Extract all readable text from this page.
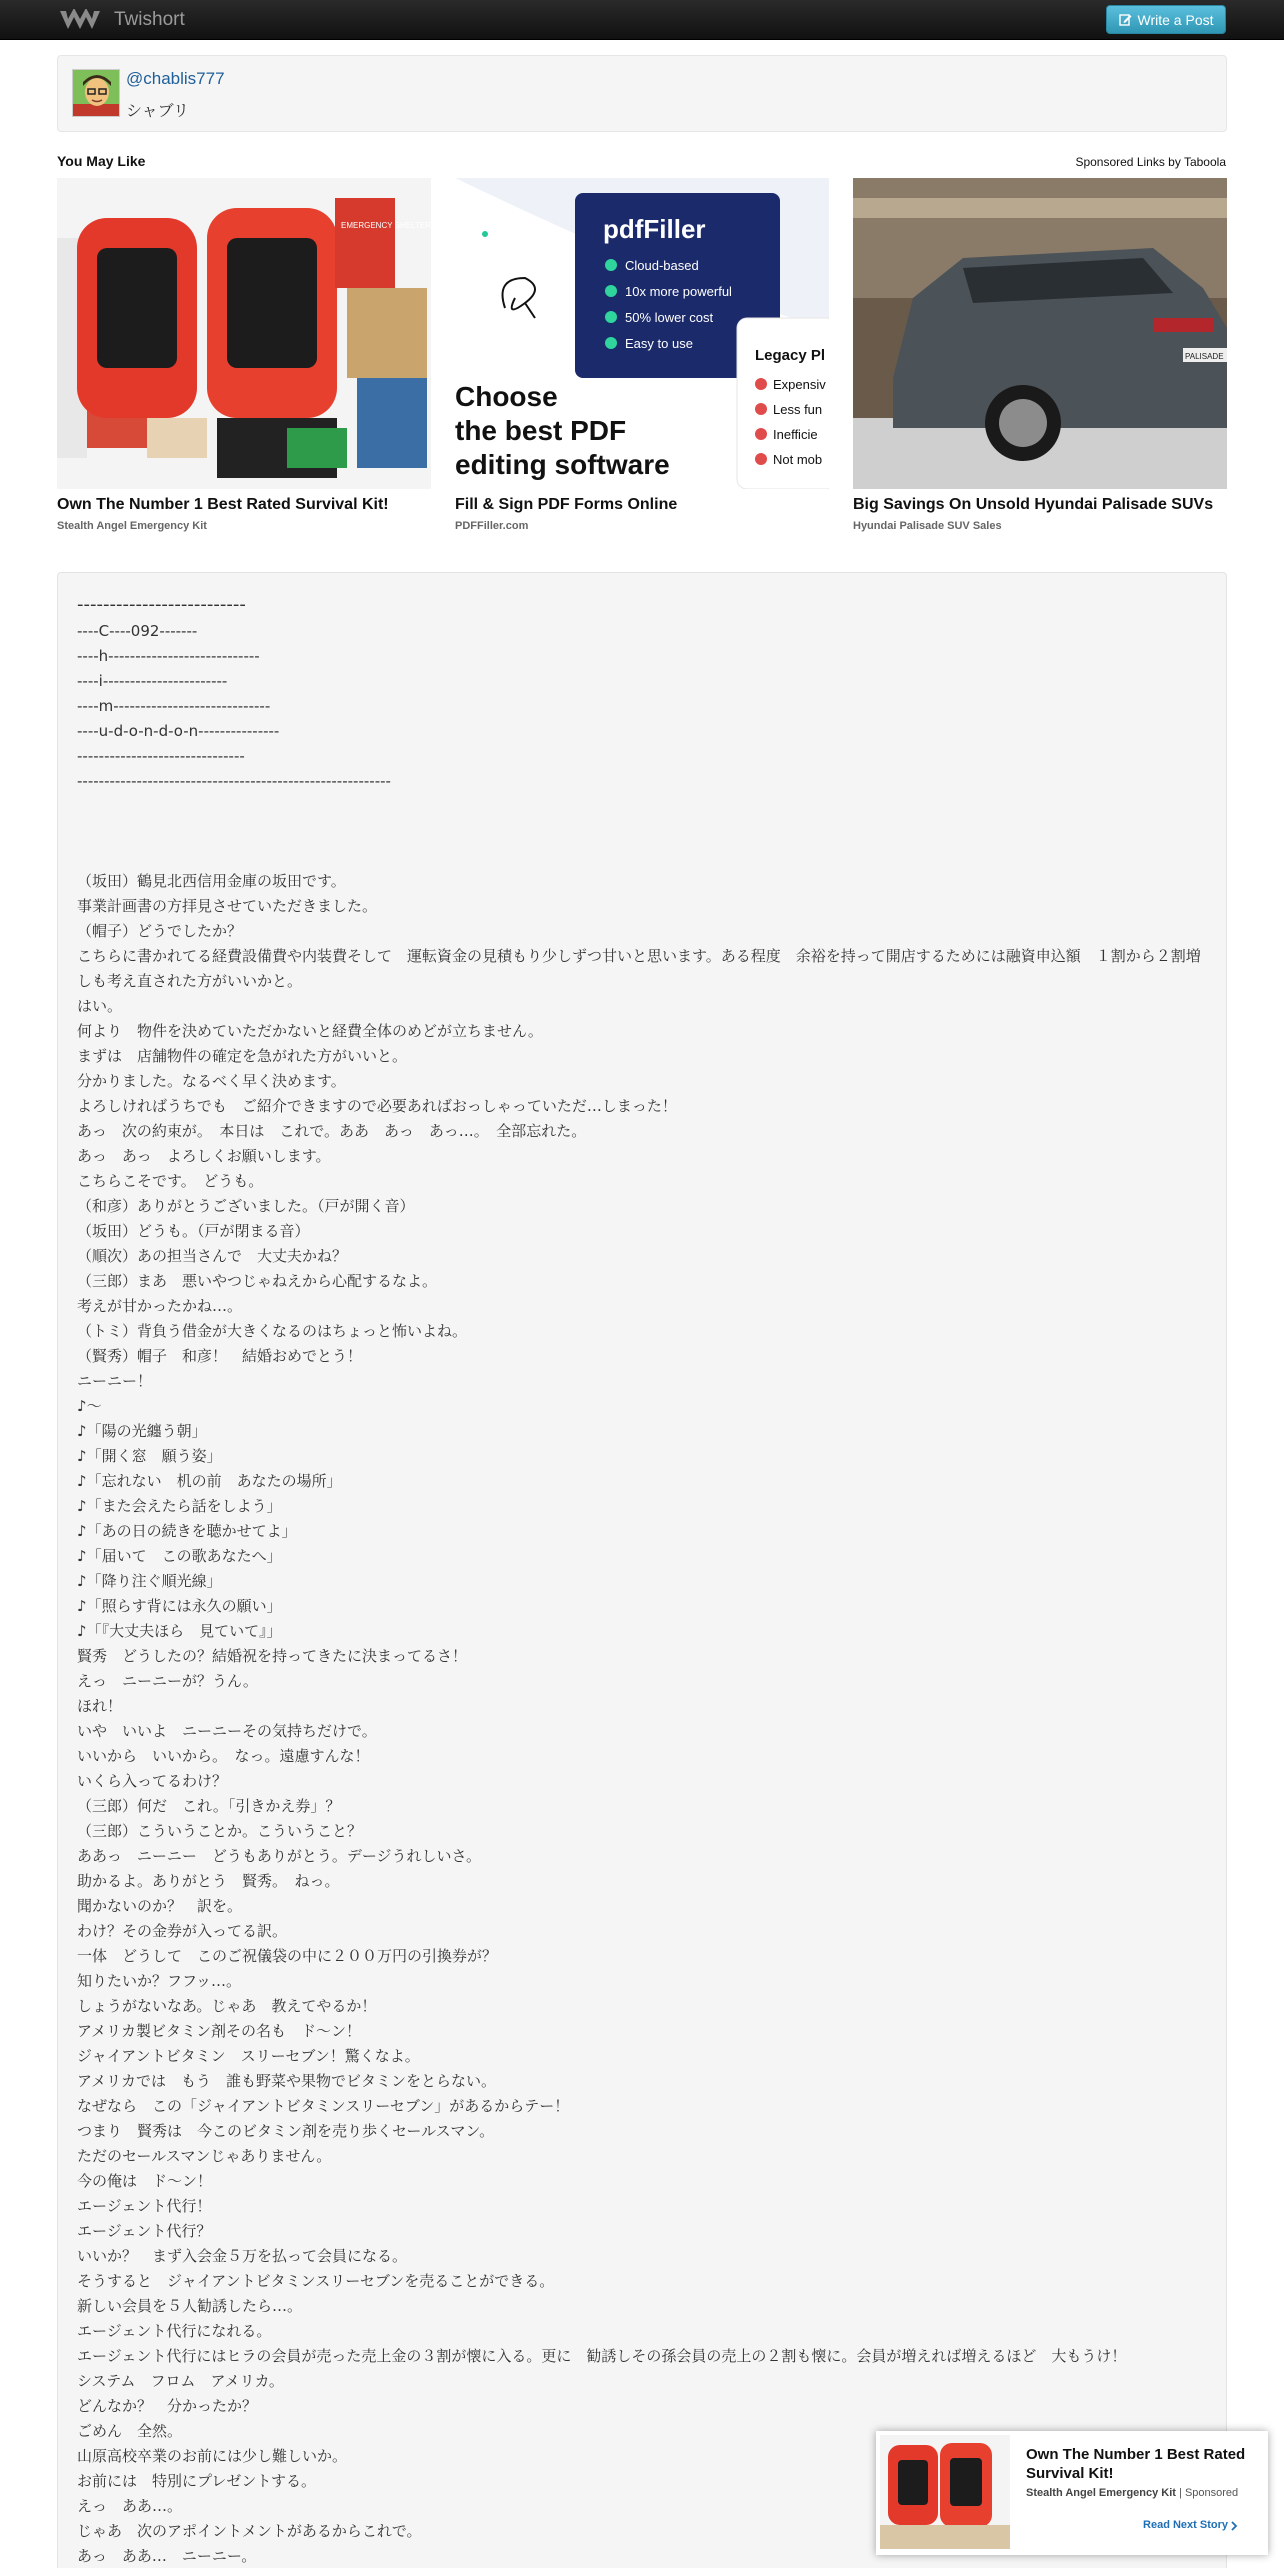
Twishort	Write a Post
@chablis777
シャブリ
You May Like	Sponsored Links by Taboola
EMERGENCY SHELTER
Own The Number 1 Best Rated Survival Kit!
Stealth Angel Emergency Kit
pdfFiller
Cloud-based
10x more powerful
50% lower cost
Easy to use
Legacy Pl
Expensiv
Less fun
Inefficie
Not mob
Choose
the best PDF
editing software
Fill & Sign PDF Forms Online
PDFFiller.com
PALISADE
Big Savings On Unsold Hyundai Palisade SUVs
Hyundai Palisade SUV Sales
--------------------------
----C----092-------
----h----------------------------
----i-----------------------
----m-----------------------------
----u-d-o-n-d-o-n---------------
-------------------------------
----------------------------------------------------------
（坂田）鶴見北西信用金庫の坂田です。
事業計画書の方拝見させていただきました。
（帽子）どうでしたか？
こちらに書かれてる経費設備費や内装費そして　運転資金の見積もり少しずつ甘いと思います。ある程度　余裕を持って開店するためには融資申込額　１割から２割増しも考え直された方がいいかと。
はい。
何より　物件を決めていただかないと経費全体のめどが立ちません。
まずは　店舗物件の確定を急がれた方がいいと。
分かりました。なるべく早く決めます。
よろしければうちでも　ご紹介できますので必要あればおっしゃっていただ…しまった！
あっ　次の約束が。　本日は　これで。ああ　あっ　あっ…。　全部忘れた。
あっ　あっ　よろしくお願いします。
こちらこそです。　どうも。
（和彦）ありがとうございました。（戸が開く音）
（坂田）どうも。（戸が閉まる音）
（順次）あの担当さんで　大丈夫かね？
（三郎）まあ　悪いやつじゃねえから心配するなよ。
考えが甘かったかね…。
（トミ）背負う借金が大きくなるのはちょっと怖いよね。
（賢秀）帽子　和彦！　結婚おめでとう！
ニーニー！
♪～
♪「陽の光纏う朝」
♪「開く窓　願う姿」
♪「忘れない　机の前　あなたの場所」
♪「また会えたら話をしよう」
♪「あの日の続きを聴かせてよ」
♪「届いて　この歌あなたへ」
♪「降り注ぐ順光線」
♪「照らす背には永久の願い」
♪「『大丈夫ほら　見ていて』」
賢秀　どうしたの？結婚祝を持ってきたに決まってるさ！
えっ　ニーニーが？うん。
ほれ！
いや　いいよ　ニーニーその気持ちだけで。
いいから　いいから。　なっ。遠慮すんな！
いくら入ってるわけ？
（三郎）何だ　これ。「引きかえ券」？
（三郎）こういうことか。こういうこと？
ああっ　ニーニー　どうもありがとう。デージうれしいさ。
助かるよ。ありがとう　賢秀。　ねっ。
聞かないのか？　訳を。
わけ？その金券が入ってる訳。
一体　どうして　このご祝儀袋の中に２００万円の引換券が？
知りたいか？フフッ…。
しょうがないなあ。じゃあ　教えてやるか！
アメリカ製ビタミン剤その名も　ド～ン！
ジャイアントビタミン　スリーセブン！驚くなよ。
アメリカでは　もう　誰も野菜や果物でビタミンをとらない。
なぜなら　この「ジャイアントビタミンスリーセブン」があるからテー！
つまり　賢秀は　今このビタミン剤を売り歩くセールスマン。
ただのセールスマンじゃありません。
今の俺は　ド～ン！
エージェント代行！
エージェント代行？
いいか？　まず入会金５万を払って会員になる。
そうすると　ジャイアントビタミンスリーセブンを売ることができる。
新しい会員を５人勧誘したら…。
エージェント代行になれる。
エージェント代行にはヒラの会員が売った売上金の３割が懐に入る。更に　勧誘しその孫会員の売上の２割も懐に。会員が増えれば増えるほど　大もうけ！
システム　フロム　アメリカ。
どんなか？　分かったか？
ごめん　全然。
山原高校卒業のお前には少し難しいか。
お前には　特別にプレゼントする。
えっ　ああ…。
じゃあ　次のアポイントメントがあるからこれで。
あっ　ああ…　ニーニー。
Own The Number 1 Best Rated Survival Kit!
Stealth Angel Emergency Kit | Sponsored
Read Next Story
